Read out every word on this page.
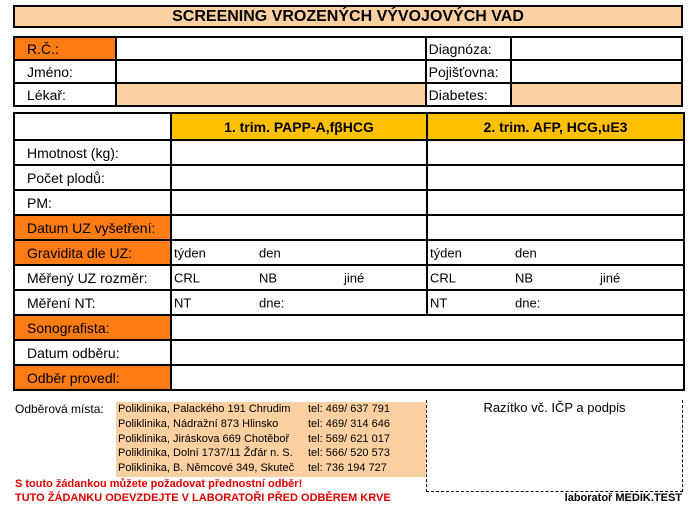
SCREENING VROZENÝCH VÝVOJOVÝCH VAD
R.Č.:		Diagnóza:	
Jméno:		Pojišťovna:	
Lékař:		Diabetes:	
	1. trim. PAPP-A,fβHCG	2. trim. AFP, HCG,uE3
Hmotnost (kg):		
Počet plodů:		
PM:		
Datum UZ vyšetření:		
Gravidita dle UZ:	týden den	týden den

Měřený UZ rozměr:	CRL NB jiné	CRL NB jiné

Měření NT:	NT dne:	NT dne:

Sonografista:		
Datum odběru:		
Odběr provedl:		
Odběrová místa: Poliklinika, Palackého 191 Chrudim	tel: 469/ 637 791
Poliklinika, Nádražní 873 Hlinsko	tel: 469/ 314 646
Poliklinika, Jiráskova 669 Chotěboř	tel: 569/ 621 017
Poliklinika, Dolní 1737/11 Žďár n. S.	tel: 566/ 520 573
Poliklinika, B. Němcové 349, Skuteč	tel: 736 194 727
Razítko vč. IČP a podpis
S touto žádankou můžete požadovat přednostní odběr!
TUTO ŽÁDANKU ODEVZDEJTE V LABORATOŘI PŘED ODBĚREM KRVE	laboratoř MEDIK.TEST
